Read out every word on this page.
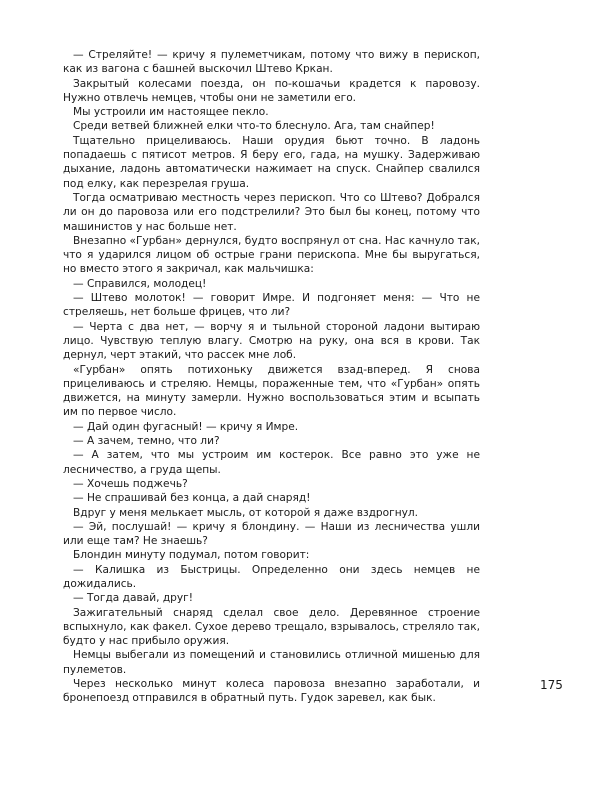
— Стреляйте! — кричу я пулеметчикам, потому что вижу в перископ, как из вагона с башней выскочил Штево Кркан.

Закрытый колесами поезда, он по-кошачьи крадется к паровозу. Нужно отвлечь немцев, чтобы они не заметили его.

Мы устроили им настоящее пекло.

Среди ветвей ближней елки что-то блеснуло. Ага, там снайпер!

Тщательно прицеливаюсь. Наши орудия бьют точно. В ладонь попадаешь с пятисот метров. Я беру его, гада, на мушку. Задерживаю дыхание, ладонь автоматически нажимает на спуск. Снайпер свалился под елку, как перезрелая груша.

Тогда осматриваю местность через перископ. Что со Штево? Добрался ли он до паровоза или его подстрелили? Это был бы конец, потому что машинистов у нас больше нет.

Внезапно «Гурбан» дернулся, будто воспрянул от сна. Нас качнуло так, что я ударился лицом об острые грани перископа. Мне бы выругаться, но вместо этого я закричал, как мальчишка:

— Справился, молодец!

— Штево молоток! — говорит Имре. И подгоняет меня: — Что не стреляешь, нет больше фрицев, что ли?

— Черта с два нет, — ворчу я и тыльной стороной ладони вытираю лицо. Чувствую теплую влагу. Смотрю на руку, она вся в крови. Так дернул, черт этакий, что рассек мне лоб.

«Гурбан» опять потихоньку движется взад-вперед. Я снова прицеливаюсь и стреляю. Немцы, пораженные тем, что «Гурбан» опять движется, на минуту замерли. Нужно воспользоваться этим и всыпать им по первое число.

— Дай один фугасный! — кричу я Имре.

— А зачем, темно, что ли?

— А затем, что мы устроим им костерок. Все равно это уже не лесничество, а груда щепы.

— Хочешь поджечь?

— Не спрашивай без конца, а дай снаряд!

Вдруг у меня мелькает мысль, от которой я даже вздрогнул.

— Эй, послушай! — кричу я блондину. — Наши из лесничества ушли или еще там? Не знаешь?

Блондин минуту подумал, потом говорит:

— Калишка из Быстрицы. Определенно они здесь немцев не дожидались.

— Тогда давай, друг!

Зажигательный снаряд сделал свое дело. Деревянное строение вспыхнуло, как факел. Сухое дерево трещало, взрывалось, стреляло так, будто у нас прибыло оружия.

Немцы выбегали из помещений и становились отличной мишенью для пулеметов.

Через несколько минут колеса паровоза внезапно заработали, и бронепоезд отправился в обратный путь. Гудок заревел, как бык.

175
